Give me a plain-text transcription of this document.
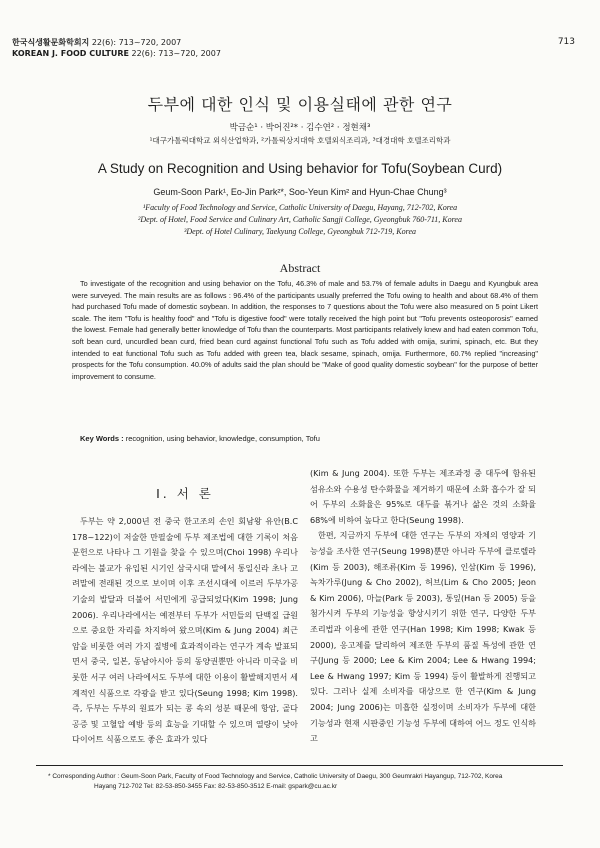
한국식생활문화학회지 22(6): 713~720, 2007
KOREAN J. FOOD CULTURE 22(6): 713~720, 2007
713
두부에 대한 인식 및 이용실태에 관한 연구
박금순¹ · 박어진²* · 김수연² · 정현채³
¹대구가톨릭대학교 외식산업학과, ²가톨릭상지대학 호텔외식조리과, ³대경대학 호텔조리학과
A Study on Recognition and Using behavior for Tofu(Soybean Curd)
Geum-Soon Park¹, Eo-Jin Park²*, Soo-Yeun Kim² and Hyun-Chae Chung³
¹Faculty of Food Technology and Service, Catholic University of Daegu, Hayang, 712-702, Korea
²Dept. of Hotel, Food Service and Culinary Art, Catholic Sangji College, Gyeongbuk 760-711, Korea
³Dept. of Hotel Culinary, Taekyung College, Gyeongbuk 712-719, Korea
Abstract
To investigate of the recognition and using behavior on the Tofu, 46.3% of male and 53.7% of female adults in Daegu and Kyungbuk area were surveyed. The main results are as follows : 96.4% of the participants usually preferred the Tofu owing to health and about 68.4% of them had purchased Tofu made of domestic soybean. In addition, the responses to 7 questions about the Tofu were also measured on 5 point Likert scale. The item "Tofu is healthy food" and "Tofu is digestive food" were totally received the high point but "Tofu prevents osteoporosis" earned the lowest. Female had generally better knowledge of Tofu than the counterparts. Most participants relatively knew and had eaten common Tofu, soft bean curd, uncurdled bean curd, fried bean curd against functional Tofu such as Tofu added with omija, surimi, spinach, etc. But they intended to eat functional Tofu such as Tofu added with green tea, black sesame, spinach, omija. Furthermore, 60.7% replied "increasing" prospects for the Tofu consumption. 40.0% of adults said the plan should be "Make of good quality domestic soybean" for the purpose of better improvement to consume.
Key Words : recognition, using behavior, knowledge, consumption, Tofu
Ⅰ. 서 론
두부는 약 2,000년 전 중국 한고조의 손인 회남왕 유안(B.C 178~122)이 저술한 만필술에 두부 제조법에 대한 기록이 처음 문헌으로 나타나 그 기원을 찾을 수 있으며(Choi 1998) 우리나라에는 불교가 유입된 시기인 삼국시대 말에서 통일신라 초나 고려말에 전래된 것으로 보이며 이후 조선시대에 이르러 두부가공기술의 발달과 더불어 서민에게 공급되었다(Kim 1998; Jung 2006). 우리나라에서는 예전부터 두부가 서민들의 단백질 급원으로 중요한 자리를 차지하여 왔으며(Kim & Jung 2004) 최근 암을 비롯한 여러 가지 질병에 효과적이라는 연구가 계속 발표되면서 중국, 일본, 동남아시아 등의 동양권뿐만 아니라 미국을 비롯한 서구 여러 나라에서도 두부에 대한 이용이 활발해지면서 세계적인 식품으로 각광을 받고 있다(Seung 1998; Kim 1998). 즉, 두부는 두부의 원료가 되는 콩 속의 성분 때문에 항암, 골다공증 및 고혈압 예방 등의 효능을 기대할 수 있으며 열량이 낮아 다이어트 식품으로도 좋은 효과가 있다

(Kim & Jung 2004). 또한 두부는 제조과정 중 대두에 함유된 섬유소와 수용성 탄수화물을 제거하기 때문에 소화 흡수가 잘 되어 두부의 소화율은 95%로 대두를 볶거나 삶은 것의 소화율 68%에 비하여 높다고 한다(Seung 1998).

한편, 지금까지 두부에 대한 연구는 두부의 자체의 영양과 기능성을 조사한 연구(Seung 1998)뿐만 아니라 두부에 클로렐라(Kim 등 2003), 해조류(Kim 등 1996), 인삼(Kim 등 1996), 녹차가루(Jung & Cho 2002), 허브(Lim & Cho 2005; Jeon & Kim 2006), 마늘(Park 등 2003), 통잎(Han 등 2005) 등을 첨가시켜 두부의 기능성을 향상시키기 위한 연구, 다양한 두부 조리법과 이용에 관한 연구(Han 1998; Kim 1998; Kwak 등 2000), 응고제를 달리하여 제조한 두부의 품질 특성에 관한 연구(Jung 등 2000; Lee & Kim 2004; Lee & Hwang 1994; Lee & Hwang 1997; Kim 등 1994) 등이 활발하게 진행되고 있다. 그러나 실제 소비자를 대상으로 한 연구(Kim & Jung 2004; Jung 2006)는 미흡한 실정이며 소비자가 두부에 대한 기능성과 현재 시판중인 기능성 두부에 대하여 어느 정도 인식하고

* Corresponding Author : Geum-Soon Park, Faculty of Food Technology and Service, Catholic University of Daegu, 300 Geumrakri Hayangup, 712-702, Korea
Hayang 712-702 Tel: 82-53-850-3455 Fax: 82-53-850-3512 E-mail: gspark@cu.ac.kr
